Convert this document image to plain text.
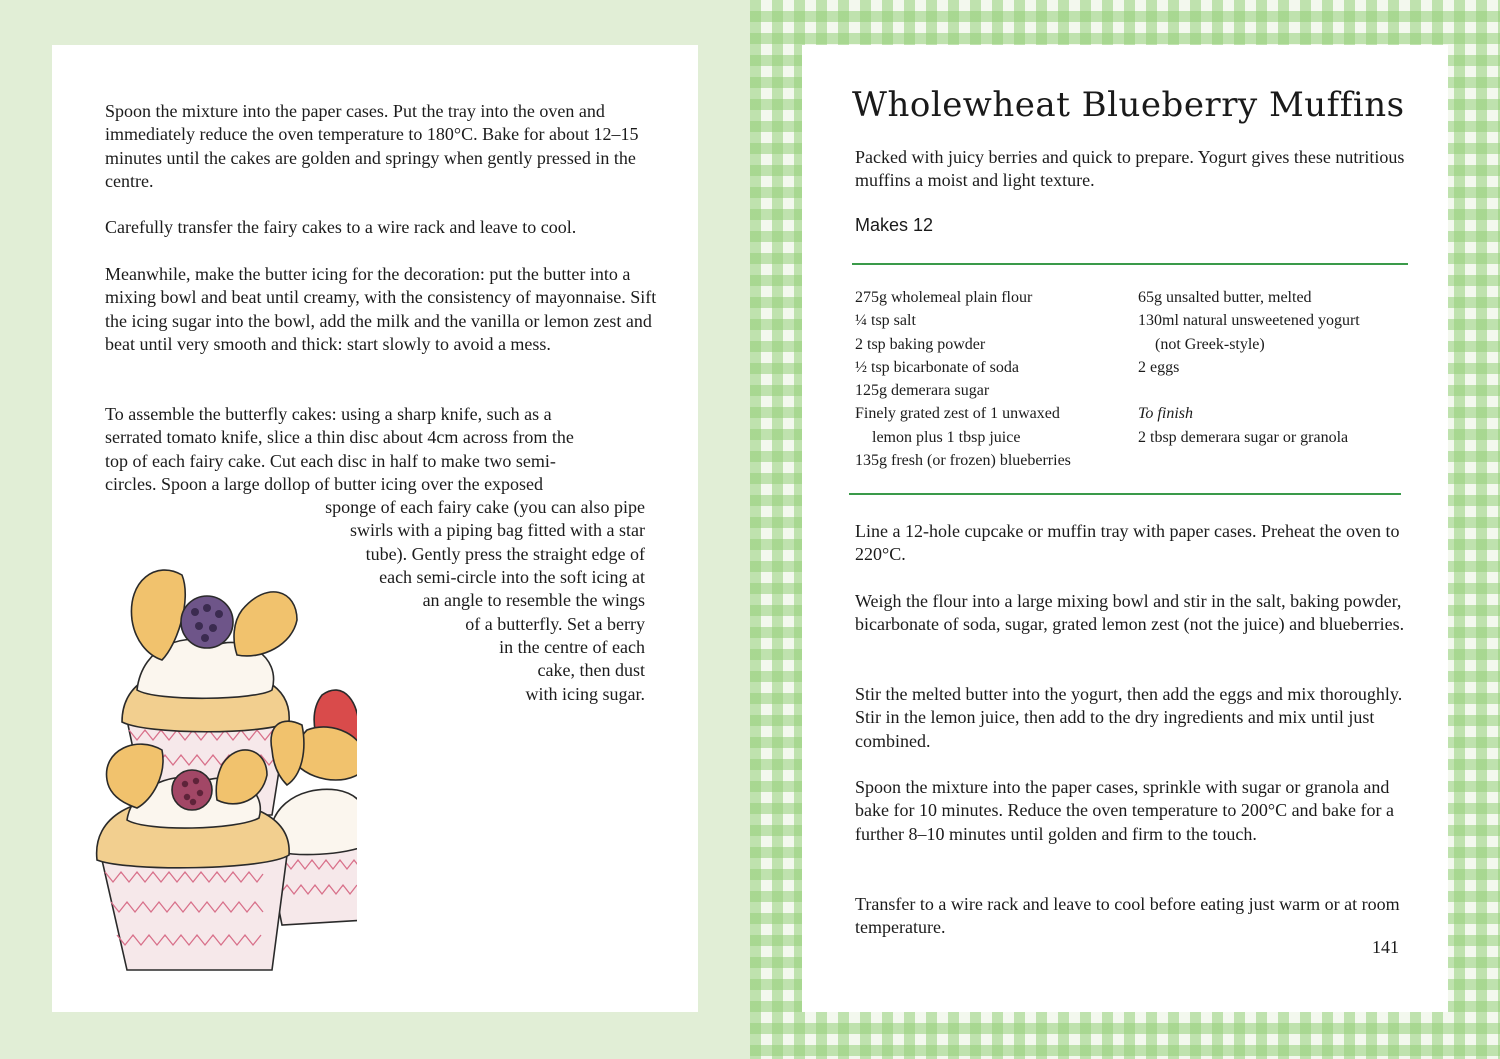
Spoon the mixture into the paper cases. Put the tray into the oven and immediately reduce the oven temperature to 180°C. Bake for about 12–15 minutes until the cakes are golden and springy when gently pressed in the centre.

Carefully transfer the fairy cakes to a wire rack and leave to cool.

Meanwhile, make the butter icing for the decoration: put the butter into a mixing bowl and beat until creamy, with the consistency of mayonnaise. Sift the icing sugar into the bowl, add the milk and the vanilla or lemon zest and beat until very smooth and thick: start slowly to avoid a mess.

To assemble the butterfly cakes: using a sharp knife, such as a
serrated tomato knife, slice a thin disc about 4cm across from the
top of each fairy cake. Cut each disc in half to make two semi-
circles. Spoon a large dollop of butter icing over the exposed
sponge of each fairy cake (you can also pipe
swirls with a piping bag fitted with a star
tube). Gently press the straight edge of
each semi-circle into the soft icing at
an angle to resemble the wings
of a butterfly. Set a berry
in the centre of each
cake, then dust
with icing sugar.
Wholewheat Blueberry Muffins

Packed with juicy berries and quick to prepare. Yogurt gives these nutritious muffins a moist and light texture.

Makes 12
275g wholemeal plain flour
¼ tsp salt
2 tsp baking powder
½ tsp bicarbonate of soda
125g demerara sugar
Finely grated zest of 1 unwaxed
lemon plus 1 tbsp juice
135g fresh (or frozen) blueberries
65g unsalted butter, melted
130ml natural unsweetened yogurt
(not Greek-style)
2 eggs
To finish
2 tbsp demerara sugar or granola

Line a 12-hole cupcake or muffin tray with paper cases. Preheat the oven to 220°C.

Weigh the flour into a large mixing bowl and stir in the salt, baking powder, bicarbonate of soda, sugar, grated lemon zest (not the juice) and blueberries.

Stir the melted butter into the yogurt, then add the eggs and mix thoroughly. Stir in the lemon juice, then add to the dry ingredients and mix until just combined.

Spoon the mixture into the paper cases, sprinkle with sugar or granola and bake for 10 minutes. Reduce the oven temperature to 200°C and bake for a further 8–10 minutes until golden and firm to the touch.

Transfer to a wire rack and leave to cool before eating just warm or at room temperature.

141
